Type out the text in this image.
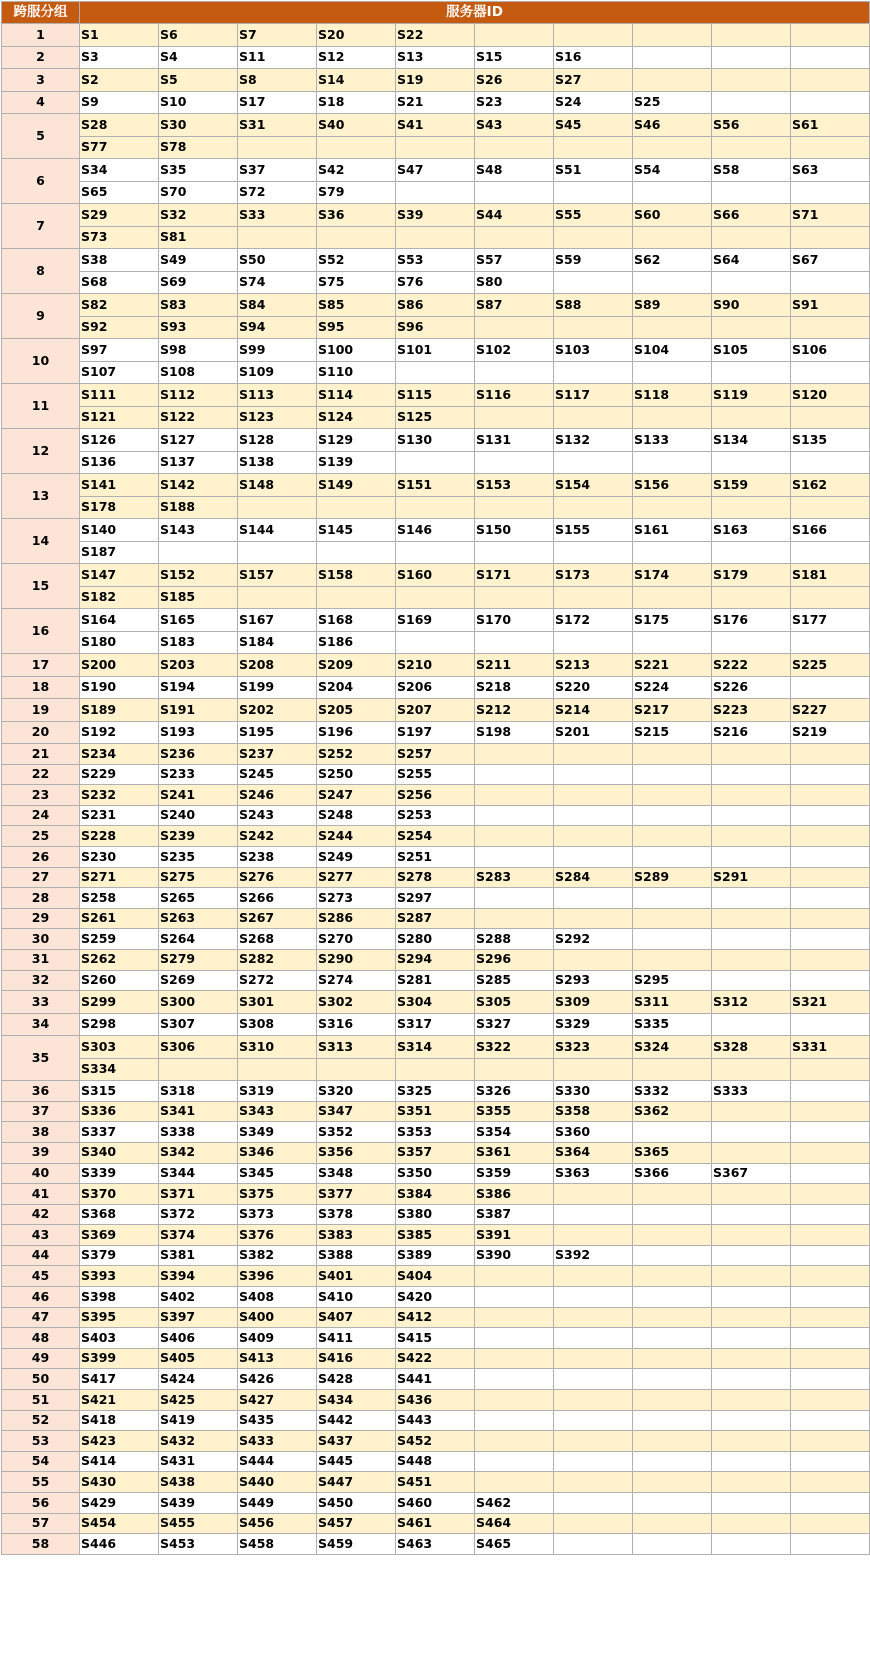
跨服分组	服务器ID									
1	S1	S6	S7	S20	S22					
2	S3	S4	S11	S12	S13	S15	S16			
3	S2	S5	S8	S14	S19	S26	S27			
4	S9	S10	S17	S18	S21	S23	S24	S25		
5	S28	S30	S31	S40	S41	S43	S45	S46	S56	S61
	S77	S78								
6	S34	S35	S37	S42	S47	S48	S51	S54	S58	S63
	S65	S70	S72	S79						
7	S29	S32	S33	S36	S39	S44	S55	S60	S66	S71
	S73	S81								
8	S38	S49	S50	S52	S53	S57	S59	S62	S64	S67
	S68	S69	S74	S75	S76	S80				
9	S82	S83	S84	S85	S86	S87	S88	S89	S90	S91
	S92	S93	S94	S95	S96					
10	S97	S98	S99	S100	S101	S102	S103	S104	S105	S106
	S107	S108	S109	S110						
11	S111	S112	S113	S114	S115	S116	S117	S118	S119	S120
	S121	S122	S123	S124	S125					
12	S126	S127	S128	S129	S130	S131	S132	S133	S134	S135
	S136	S137	S138	S139						
13	S141	S142	S148	S149	S151	S153	S154	S156	S159	S162
	S178	S188								
14	S140	S143	S144	S145	S146	S150	S155	S161	S163	S166
	S187									
15	S147	S152	S157	S158	S160	S171	S173	S174	S179	S181
	S182	S185								
16	S164	S165	S167	S168	S169	S170	S172	S175	S176	S177
	S180	S183	S184	S186						
17	S200	S203	S208	S209	S210	S211	S213	S221	S222	S225
18	S190	S194	S199	S204	S206	S218	S220	S224	S226	
19	S189	S191	S202	S205	S207	S212	S214	S217	S223	S227
20	S192	S193	S195	S196	S197	S198	S201	S215	S216	S219
21	S234	S236	S237	S252	S257					
22	S229	S233	S245	S250	S255					
23	S232	S241	S246	S247	S256					
24	S231	S240	S243	S248	S253					
25	S228	S239	S242	S244	S254					
26	S230	S235	S238	S249	S251					
27	S271	S275	S276	S277	S278	S283	S284	S289	S291	
28	S258	S265	S266	S273	S297					
29	S261	S263	S267	S286	S287					
30	S259	S264	S268	S270	S280	S288	S292			
31	S262	S279	S282	S290	S294	S296				
32	S260	S269	S272	S274	S281	S285	S293	S295		
33	S299	S300	S301	S302	S304	S305	S309	S311	S312	S321
34	S298	S307	S308	S316	S317	S327	S329	S335		
35	S303	S306	S310	S313	S314	S322	S323	S324	S328	S331
	S334									
36	S315	S318	S319	S320	S325	S326	S330	S332	S333	
37	S336	S341	S343	S347	S351	S355	S358	S362		
38	S337	S338	S349	S352	S353	S354	S360			
39	S340	S342	S346	S356	S357	S361	S364	S365		
40	S339	S344	S345	S348	S350	S359	S363	S366	S367	
41	S370	S371	S375	S377	S384	S386				
42	S368	S372	S373	S378	S380	S387				
43	S369	S374	S376	S383	S385	S391				
44	S379	S381	S382	S388	S389	S390	S392			
45	S393	S394	S396	S401	S404					
46	S398	S402	S408	S410	S420					
47	S395	S397	S400	S407	S412					
48	S403	S406	S409	S411	S415					
49	S399	S405	S413	S416	S422					
50	S417	S424	S426	S428	S441					
51	S421	S425	S427	S434	S436					
52	S418	S419	S435	S442	S443					
53	S423	S432	S433	S437	S452					
54	S414	S431	S444	S445	S448					
55	S430	S438	S440	S447	S451					
56	S429	S439	S449	S450	S460	S462				
57	S454	S455	S456	S457	S461	S464				
58	S446	S453	S458	S459	S463	S465				
